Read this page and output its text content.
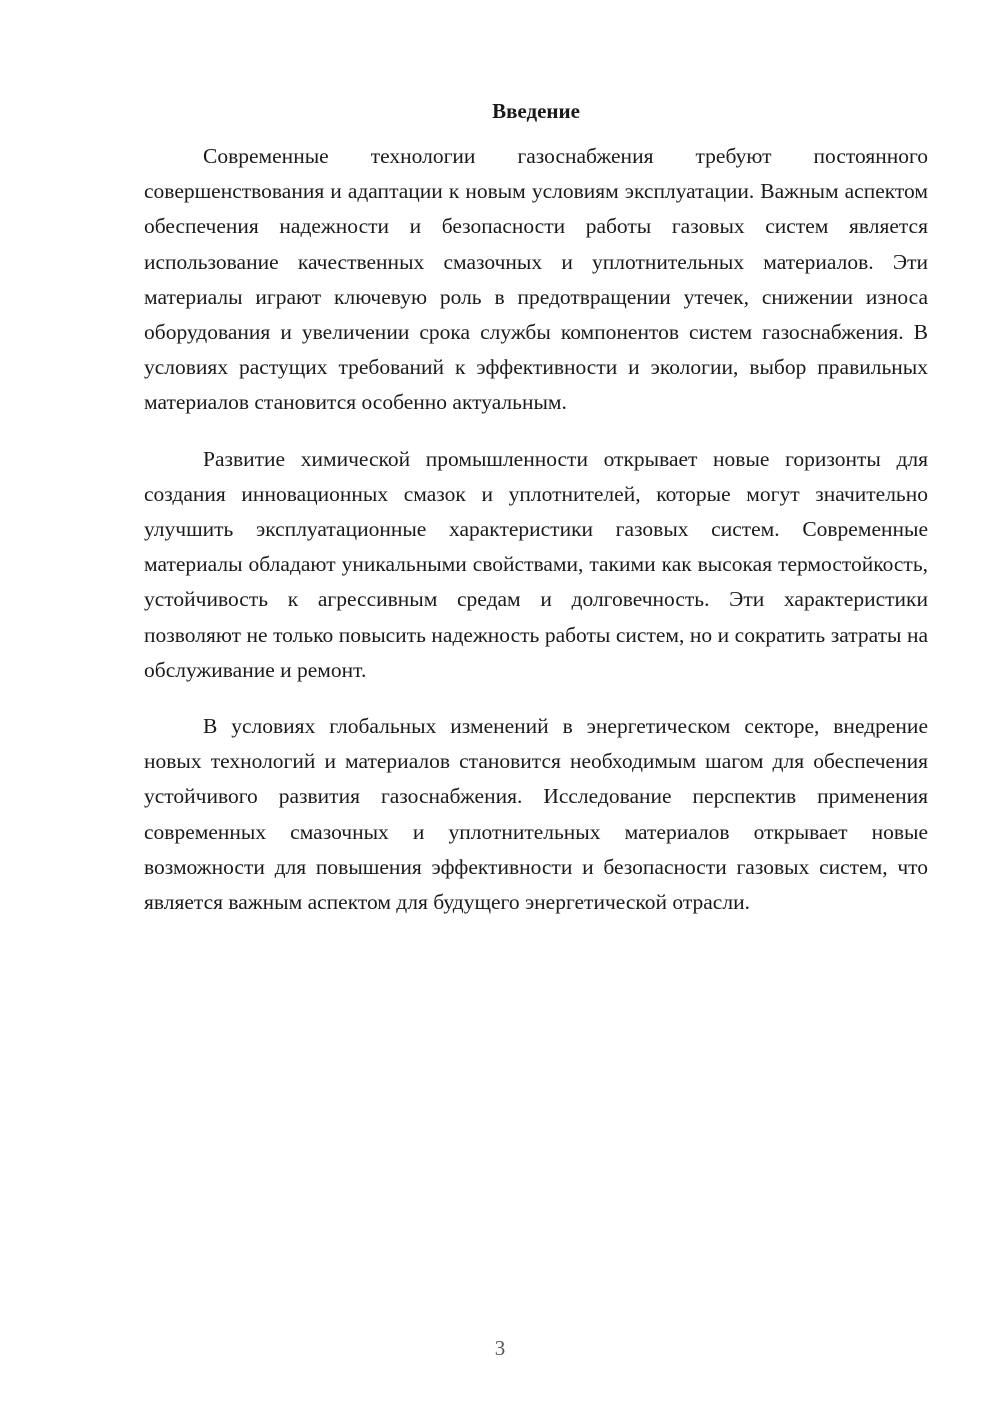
Введение

Современные технологии газоснабжения требуют постоянного совершенствования и адаптации к новым условиям эксплуатации. Важным аспектом обеспечения надежности и безопасности работы газовых систем является использование качественных смазочных и уплотнительных материалов. Эти материалы играют ключевую роль в предотвращении утечек, снижении износа оборудования и увеличении срока службы компонентов систем газоснабжения. В условиях растущих требований к эффективности и экологии, выбор правильных материалов становится особенно актуальным.

Развитие химической промышленности открывает новые горизонты для создания инновационных смазок и уплотнителей, которые могут значительно улучшить эксплуатационные характеристики газовых систем. Современные материалы обладают уникальными свойствами, такими как высокая термостойкость, устойчивость к агрессивным средам и долговечность. Эти характеристики позволяют не только повысить надежность работы систем, но и сократить затраты на обслуживание и ремонт.

В условиях глобальных изменений в энергетическом секторе, внедрение новых технологий и материалов становится необходимым шагом для обеспечения устойчивого развития газоснабжения. Исследование перспектив применения современных смазочных и уплотнительных материалов открывает новые возможности для повышения эффективности и безопасности газовых систем, что является важным аспектом для будущего энергетической отрасли.

3
